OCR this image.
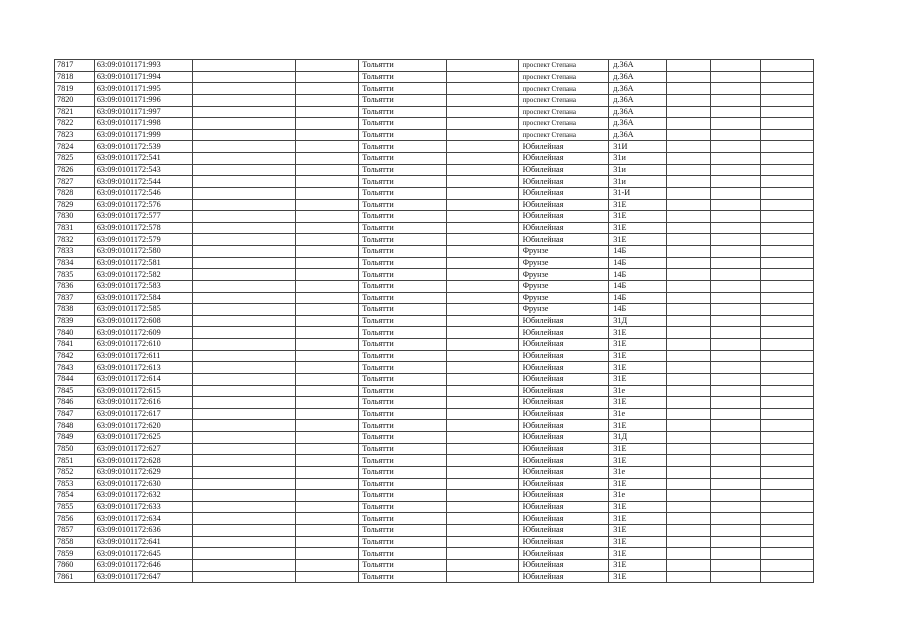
7817	63:09:0101171:993			Тольятти		проспект Степана	д.36А			
7818	63:09:0101171:994			Тольятти		проспект Степана	д.36А			
7819	63:09:0101171:995			Тольятти		проспект Степана	д.36А			
7820	63:09:0101171:996			Тольятти		проспект Степана	д.36А			
7821	63:09:0101171:997			Тольятти		проспект Степана	д.36А			
7822	63:09:0101171:998			Тольятти		проспект Степана	д.36А			
7823	63:09:0101171:999			Тольятти		проспект Степана	д.36А			
7824	63:09:0101172:539			Тольятти		Юбилейная	31И			
7825	63:09:0101172:541			Тольятти		Юбилейная	31и			
7826	63:09:0101172:543			Тольятти		Юбилейная	31и			
7827	63:09:0101172:544			Тольятти		Юбилейная	31и			
7828	63:09:0101172:546			Тольятти		Юбилейная	31-И			
7829	63:09:0101172:576			Тольятти		Юбилейная	31Е			
7830	63:09:0101172:577			Тольятти		Юбилейная	31Е			
7831	63:09:0101172:578			Тольятти		Юбилейная	31Е			
7832	63:09:0101172:579			Тольятти		Юбилейная	31Е			
7833	63:09:0101172:580			Тольятти		Фрунзе	14Б			
7834	63:09:0101172:581			Тольятти		Фрунзе	14Б			
7835	63:09:0101172:582			Тольятти		Фрунзе	14Б			
7836	63:09:0101172:583			Тольятти		Фрунзе	14Б			
7837	63:09:0101172:584			Тольятти		Фрунзе	14Б			
7838	63:09:0101172:585			Тольятти		Фрунзе	14Б			
7839	63:09:0101172:608			Тольятти		Юбилейная	31Д			
7840	63:09:0101172:609			Тольятти		Юбилейная	31Е			
7841	63:09:0101172:610			Тольятти		Юбилейная	31Е			
7842	63:09:0101172:611			Тольятти		Юбилейная	31Е			
7843	63:09:0101172:613			Тольятти		Юбилейная	31Е			
7844	63:09:0101172:614			Тольятти		Юбилейная	31Е			
7845	63:09:0101172:615			Тольятти		Юбилейная	31е			
7846	63:09:0101172:616			Тольятти		Юбилейная	31Е			
7847	63:09:0101172:617			Тольятти		Юбилейная	31е			
7848	63:09:0101172:620			Тольятти		Юбилейная	31Е			
7849	63:09:0101172:625			Тольятти		Юбилейная	31Д			
7850	63:09:0101172:627			Тольятти		Юбилейная	31Е			
7851	63:09:0101172:628			Тольятти		Юбилейная	31Е			
7852	63:09:0101172:629			Тольятти		Юбилейная	31е			
7853	63:09:0101172:630			Тольятти		Юбилейная	31Е			
7854	63:09:0101172:632			Тольятти		Юбилейная	31е			
7855	63:09:0101172:633			Тольятти		Юбилейная	31Е			
7856	63:09:0101172:634			Тольятти		Юбилейная	31Е			
7857	63:09:0101172:636			Тольятти		Юбилейная	31Е			
7858	63:09:0101172:641			Тольятти		Юбилейная	31Е			
7859	63:09:0101172:645			Тольятти		Юбилейная	31Е			
7860	63:09:0101172:646			Тольятти		Юбилейная	31Е			
7861	63:09:0101172:647			Тольятти		Юбилейная	31Е			
